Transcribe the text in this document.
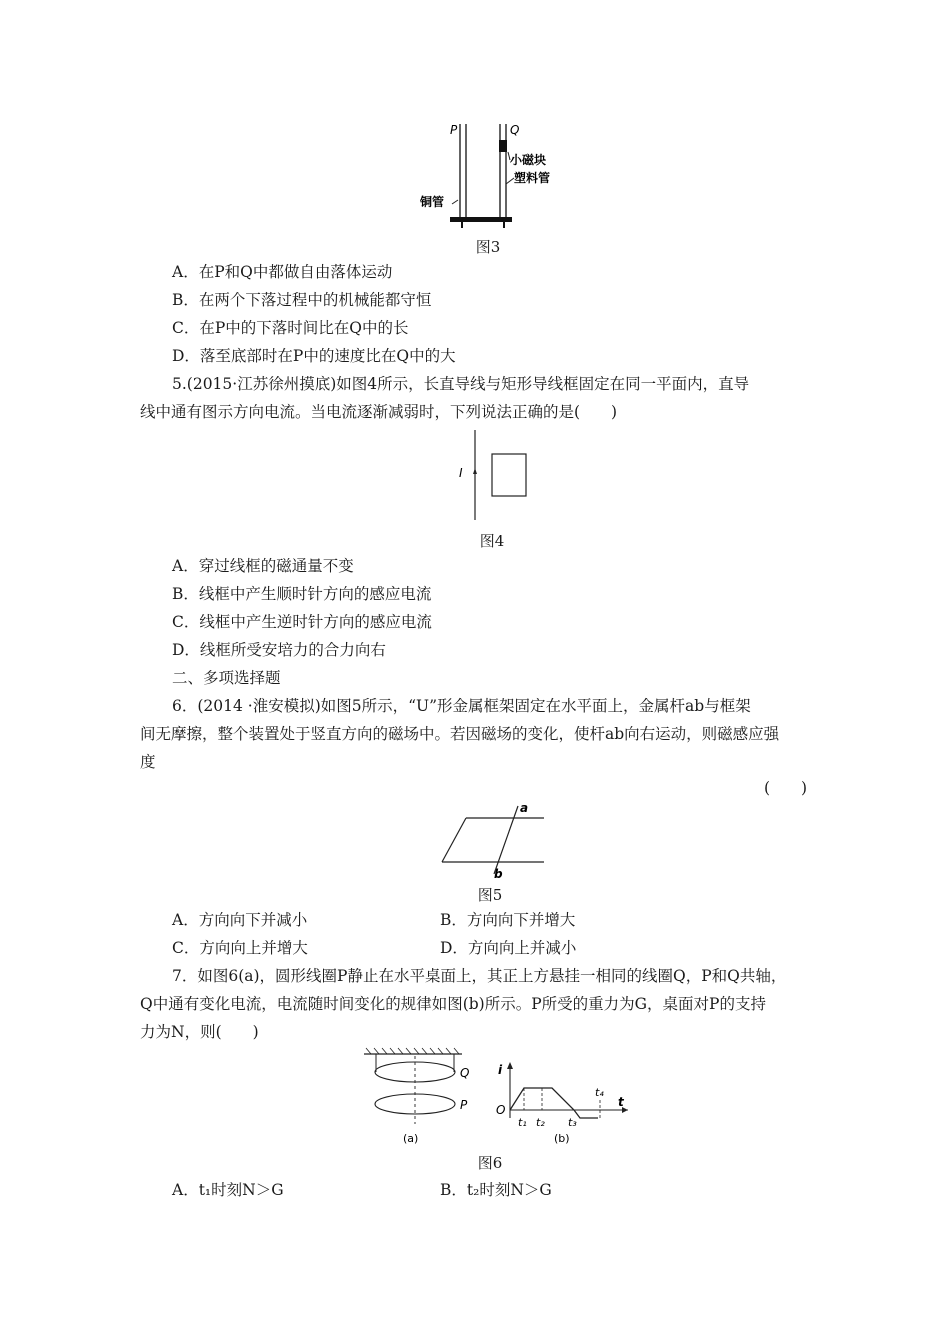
P	Q
小磁块
塑料管
铜管
图3
A．在P和Q中都做自由落体运动
B．在两个下落过程中的机械能都守恒
C．在P中的下落时间比在Q中的长
D．落至底部时在P中的速度比在Q中的大
5.(2015·江苏徐州摸底)如图4所示，长直导线与矩形导线框固定在同一平面内，直导
线中通有图示方向电流。当电流逐渐减弱时，下列说法正确的是(　　)
I
图4
A．穿过线框的磁通量不变
B．线框中产生顺时针方向的感应电流
C．线框中产生逆时针方向的感应电流
D．线框所受安培力的合力向右
二、多项选择题
6．(2014 ·淮安模拟)如图5所示，“U”形金属框架固定在水平面上，金属杆ab与框架
间无摩擦，整个装置处于竖直方向的磁场中。若因磁场的变化，使杆ab向右运动，则磁感应强
度
(　　)
a
b
图5
A．方向向下并减小	B．方向向下并增大
C．方向向上并增大	D．方向向上并减小
7．如图6(a)，圆形线圈P静止在水平桌面上，其正上方悬挂一相同的线圈Q，P和Q共轴，
Q中通有变化电流，电流随时间变化的规律如图(b)所示。P所受的重力为G，桌面对P的支持
力为N，则(　　)
Q
P
(a)
i
t
O
t₁ t₂ t₃
t₄
(b)
图6
A．t₁时刻N＞G	B．t₂时刻N＞G
